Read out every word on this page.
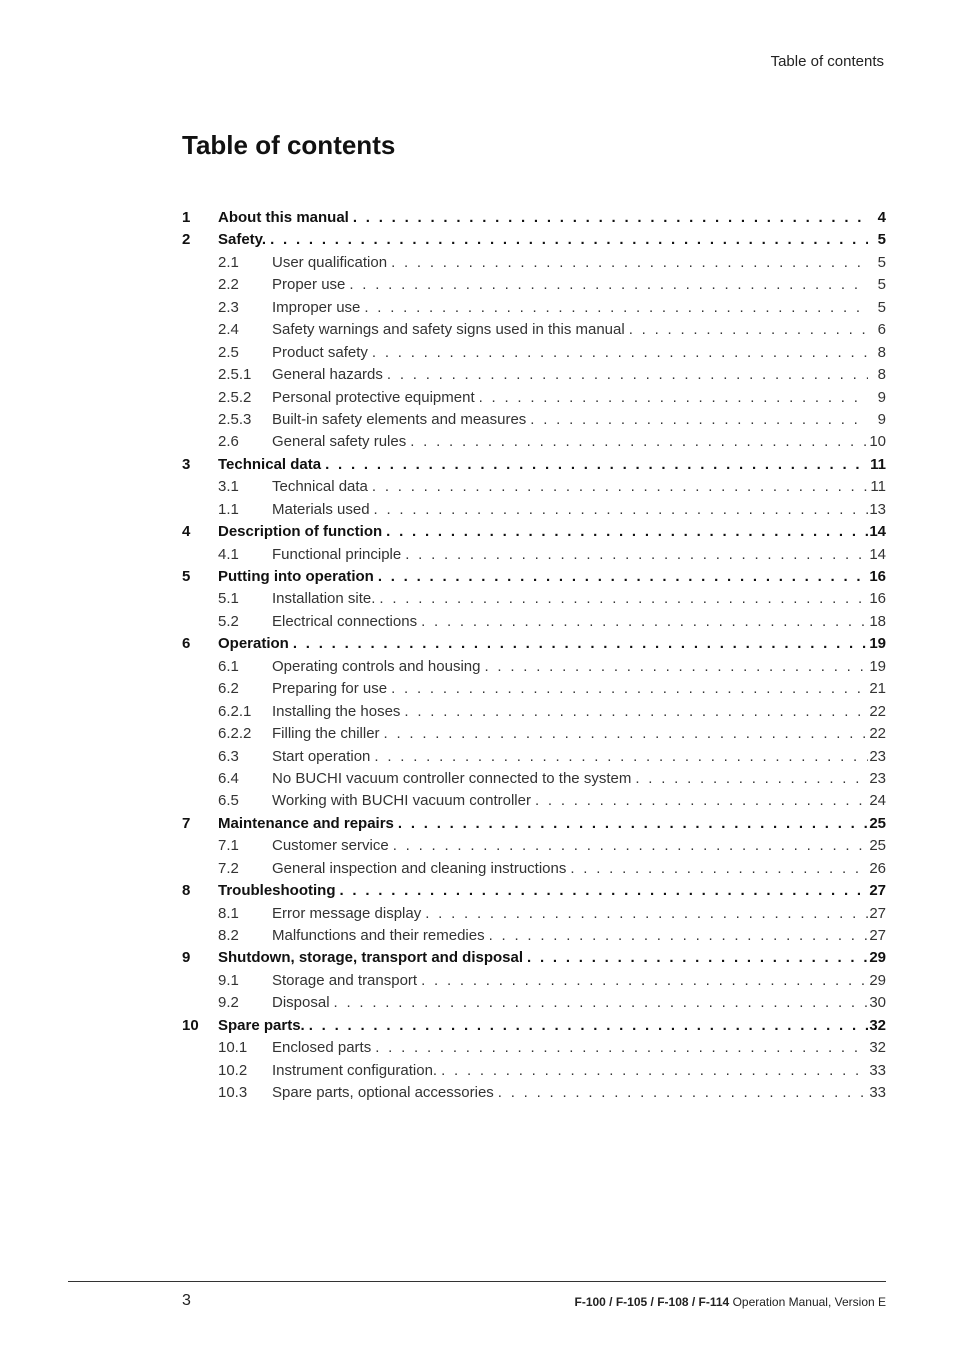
Table of contents
Table of contents
1 About this manual . . .	4
2 Safety. . . .	5
2.1 User qualification . . .	5
2.2 Proper use . . .	5
2.3 Improper use . . .	5
2.4 Safety warnings and safety signs used in this manual . . .	6
2.5 Product safety . . .	8
2.5.1 General hazards . . .	8
2.5.2 Personal protective equipment . . .	9
2.5.3 Built-in safety elements and measures . . .	9
2.6 General safety rules . . .	10
3 Technical data . . .	11
3.1 Technical data . . .	11
1.1 Materials used . . .	13
4 Description of function . . .	14
4.1 Functional principle . . .	14
5 Putting into operation . . .	16
5.1 Installation site. . . .	16
5.2 Electrical connections . . .	18
6 Operation . . .	19
6.1 Operating controls and housing . . .	19
6.2 Preparing for use . . .	21
6.2.1 Installing the hoses . . .	22
6.2.2 Filling the chiller . . .	22
6.3 Start operation . . .	23
6.4 No BUCHI vacuum controller connected to the system . . .	23
6.5 Working with BUCHI vacuum controller . . .	24
7 Maintenance and repairs . . .	25
7.1 Customer service . . .	25
7.2 General inspection and cleaning instructions . . .	26
8 Troubleshooting . . .	27
8.1 Error message display . . .	27
8.2 Malfunctions and their remedies . . .	27
9 Shutdown, storage, transport and disposal . . .	29
9.1 Storage and transport . . .	29
9.2 Disposal . . .	30
10 Spare parts. . . .	32
10.1 Enclosed parts . . .	32
10.2 Instrument configuration. . . .	33
10.3 Spare parts, optional accessories . . .	33
3	F-100 / F-105 / F-108 / F-114 Operation Manual, Version E
